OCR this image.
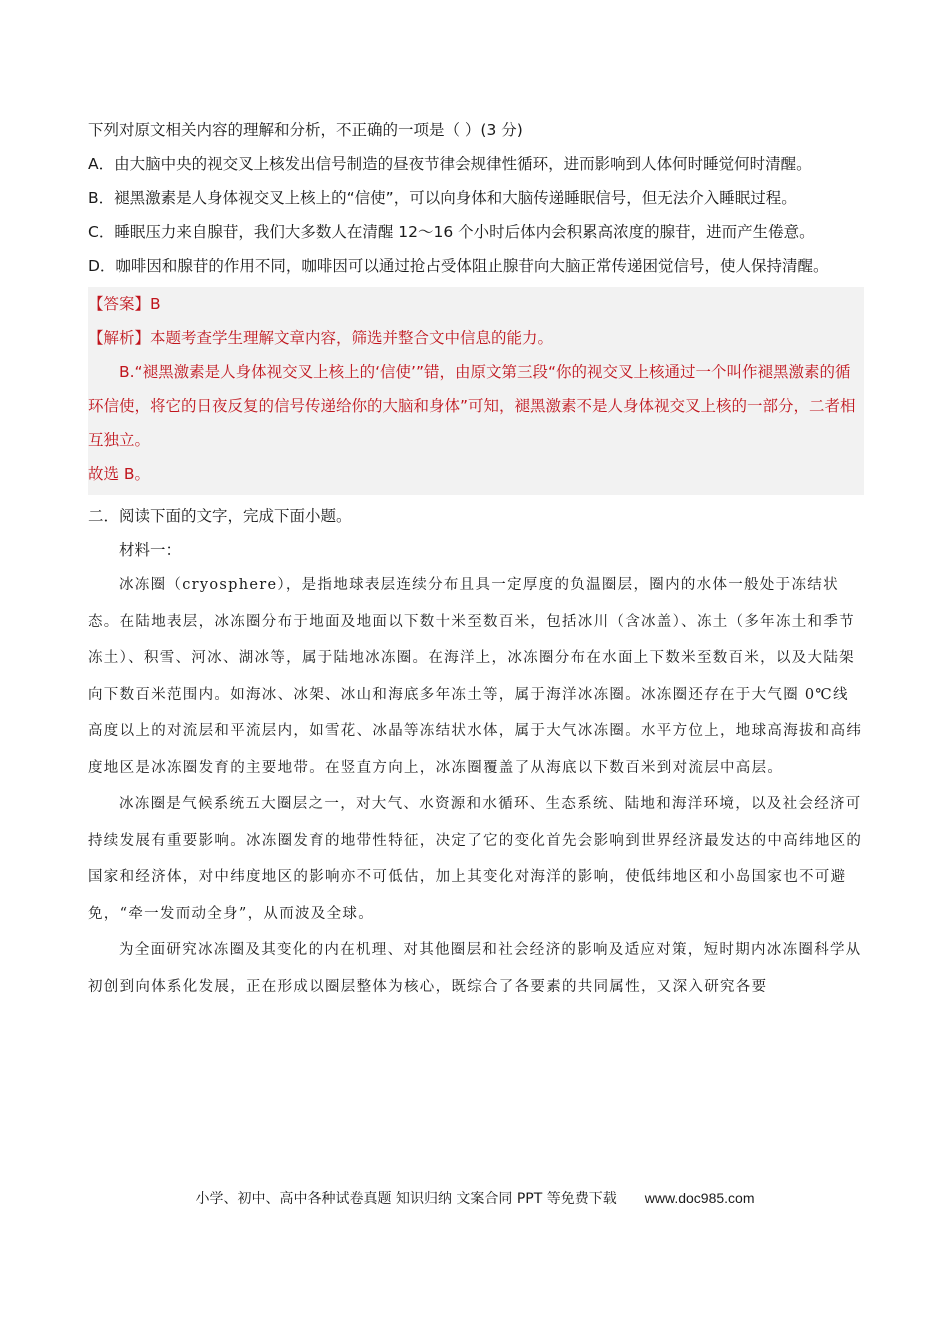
下列对原文相关内容的理解和分析，不正确的一项是（ ）(3 分)
A．由大脑中央的视交叉上核发出信号制造的昼夜节律会规律性循环，进而影响到人体何时睡觉何时清醒。
B．褪黑激素是人身体视交叉上核上的“信使”，可以向身体和大脑传递睡眠信号，但无法介入睡眠过程。
C．睡眠压力来自腺苷，我们大多数人在清醒 12～16 个小时后体内会积累高浓度的腺苷，进而产生倦意。
D．咖啡因和腺苷的作用不同，咖啡因可以通过抢占受体阻止腺苷向大脑正常传递困觉信号，使人保持清醒。
【答案】B
【解析】本题考查学生理解文章内容，筛选并整合文中信息的能力。
B.“褪黑激素是人身体视交叉上核上的‘信使’”错，由原文第三段“你的视交叉上核通过一个叫作褪黑激素的循环信使，将它的日夜反复的信号传递给你的大脑和身体”可知，褪黑激素不是人身体视交叉上核的一部分，二者相互独立。
故选 B。
二．阅读下面的文字，完成下面小题。
材料一：
冰冻圈（cryosphere），是指地球表层连续分布且具一定厚度的负温圈层，圈内的水体一般处于冻结状态。在陆地表层，冰冻圈分布于地面及地面以下数十米至数百米，包括冰川（含冰盖）、冻土（多年冻土和季节冻土）、积雪、河冰、湖冰等，属于陆地冰冻圈。在海洋上，冰冻圈分布在水面上下数米至数百米，以及大陆架向下数百米范围内。如海冰、冰架、冰山和海底多年冻土等，属于海洋冰冻圈。冰冻圈还存在于大气圈 0℃线高度以上的对流层和平流层内，如雪花、冰晶等冻结状水体，属于大气冰冻圈。水平方位上，地球高海拔和高纬度地区是冰冻圈发育的主要地带。在竖直方向上，冰冻圈覆盖了从海底以下数百米到对流层中高层。
冰冻圈是气候系统五大圈层之一，对大气、水资源和水循环、生态系统、陆地和海洋环境，以及社会经济可持续发展有重要影响。冰冻圈发育的地带性特征，决定了它的变化首先会影响到世界经济最发达的中高纬地区的国家和经济体，对中纬度地区的影响亦不可低估，加上其变化对海洋的影响，使低纬地区和小岛国家也不可避免，“牵一发而动全身”，从而波及全球。
为全面研究冰冻圈及其变化的内在机理、对其他圈层和社会经济的影响及适应对策，短时期内冰冻圈科学从初创到向体系化发展，正在形成以圈层整体为核心，既综合了各要素的共同属性，又深入研究各要
小学、初中、高中各种试卷真题 知识归纳 文案合同 PPT 等免费下载 www.doc985.com
